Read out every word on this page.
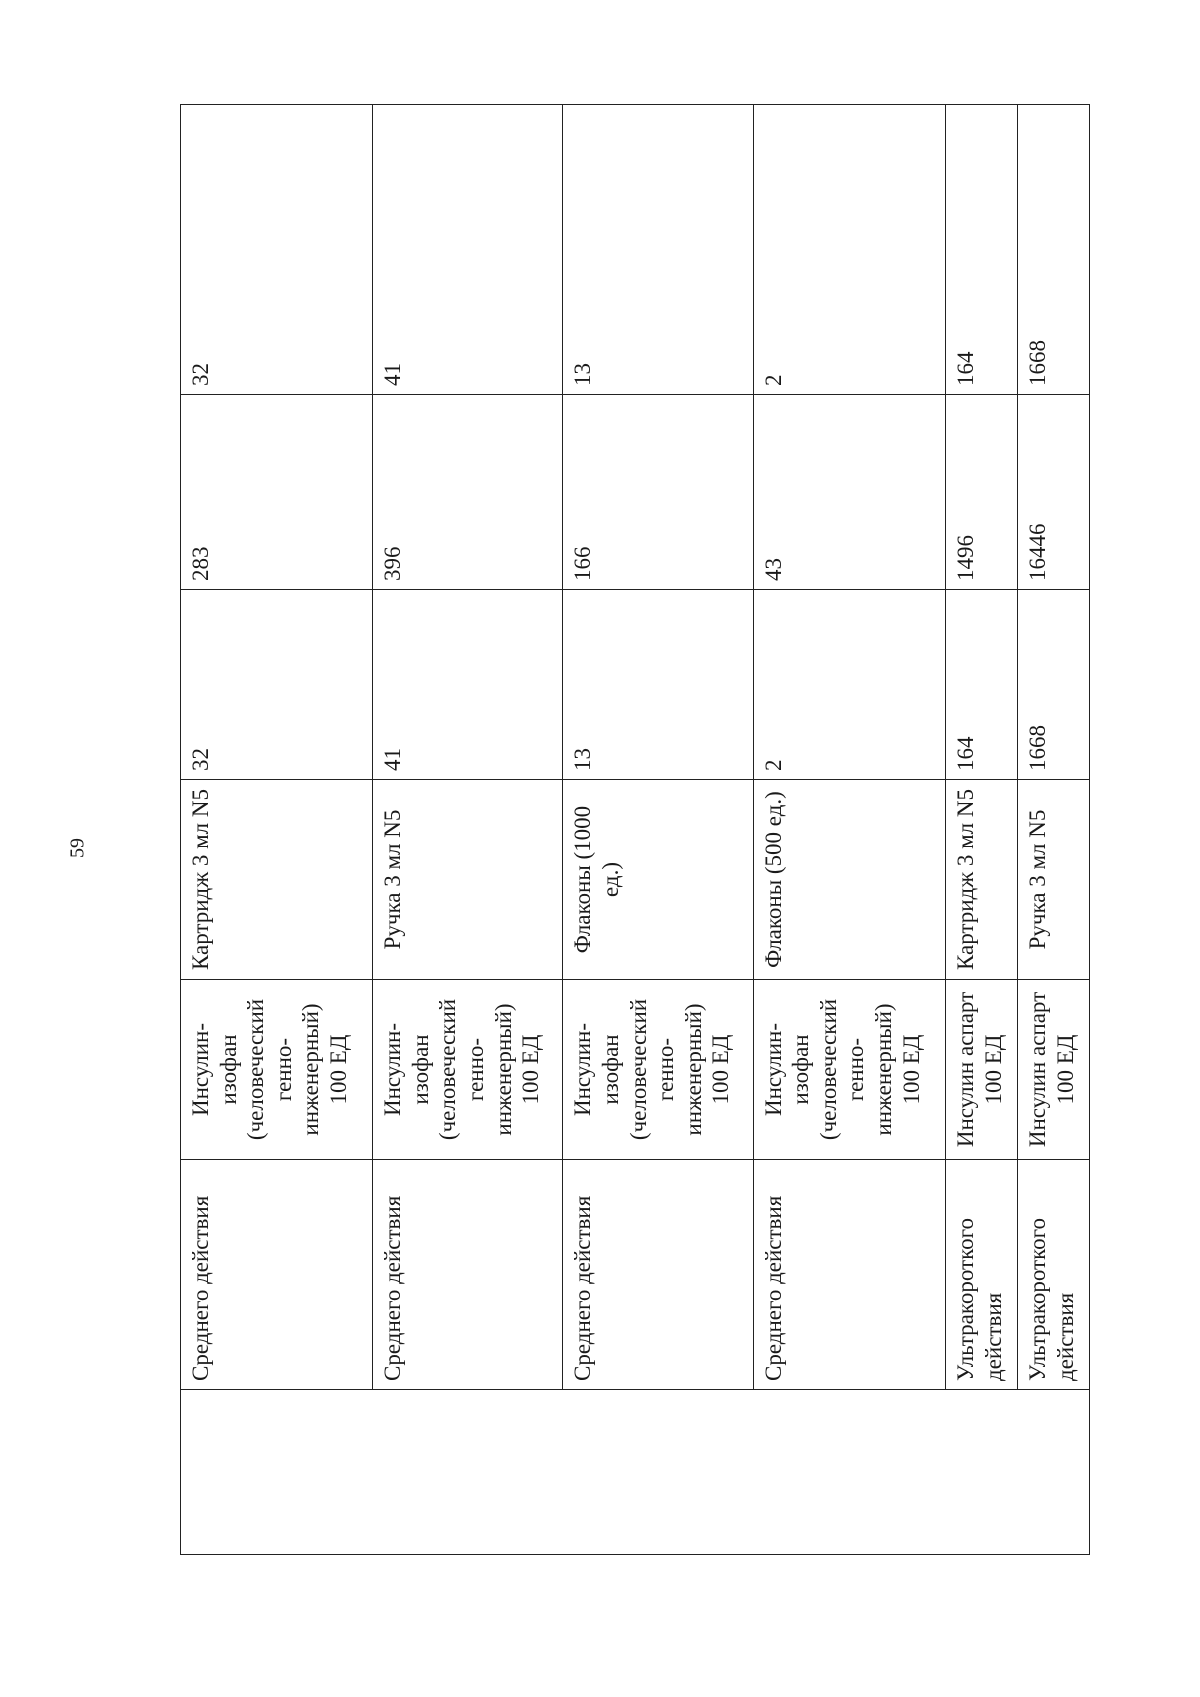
59
	Среднего действия	Инсулин-изофан (человеческий генно-инженерный) 100 ЕД	Картридж 3 мл N5	32	283	32
	Среднего действия	Инсулин-изофан (человеческий генно-инженерный) 100 ЕД	Ручка 3 мл N5	41	396	41
	Среднего действия	Инсулин-изофан (человеческий генно-инженерный) 100 ЕД	Флаконы (1000 ед.)	13	166	13
	Среднего действия	Инсулин-изофан (человеческий генно-инженерный) 100 ЕД	Флаконы (500 ед.)	2	43	2
	Ультракороткого действия	Инсулин аспарт 100 ЕД	Картридж 3 мл N5	164	1496	164
	Ультракороткого действия	Инсулин аспарт 100 ЕД	Ручка 3 мл N5	1668	16446	1668
